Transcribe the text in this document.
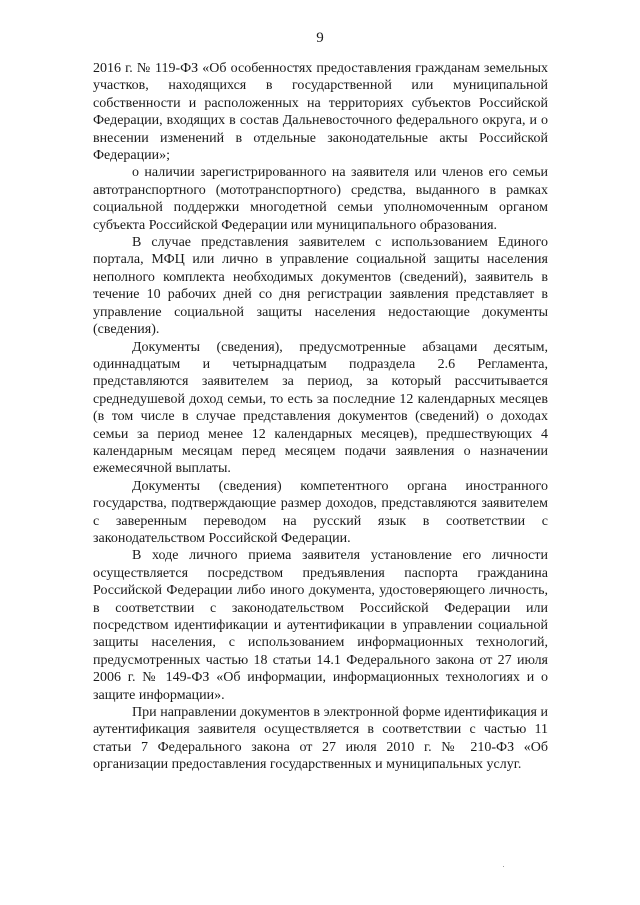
9

2016 г. № 119-ФЗ «Об особенностях предоставления гражданам земельных участков, находящихся в государственной или муниципальной собственности и расположенных на территориях субъектов Российской Федерации, входящих в состав Дальневосточного федерального округа, и о внесении изменений в отдельные законодательные акты Российской Федерации»;

о наличии зарегистрированного на заявителя или членов его семьи автотранспортного (мототранспортного) средства, выданного в рамках социальной поддержки многодетной семьи уполномоченным органом субъекта Российской Федерации или муниципального образования.

В случае представления заявителем с использованием Единого портала, МФЦ или лично в управление социальной защиты населения неполного комплекта необходимых документов (сведений), заявитель в течение 10 рабочих дней со дня регистрации заявления представляет в управление социальной защиты населения недостающие документы (сведения).

Документы (сведения), предусмотренные абзацами десятым, одиннадцатым и четырнадцатым подраздела 2.6 Регламента, представляются заявителем за период, за который рассчитывается среднедушевой доход семьи, то есть за последние 12 календарных месяцев (в том числе в случае представления документов (сведений) о доходах семьи за период менее 12 календарных месяцев), предшествующих 4 календарным месяцам перед месяцем подачи заявления о назначении ежемесячной выплаты.

Документы (сведения) компетентного органа иностранного государства, подтверждающие размер доходов, представляются заявителем с заверенным переводом на русский язык в соответствии с законодательством Российской Федерации.

В ходе личного приема заявителя установление его личности осуществляется посредством предъявления паспорта гражданина Российской Федерации либо иного документа, удостоверяющего личность, в соответствии с законодательством Российской Федерации или посредством идентификации и аутентификации в управлении социальной защиты населения, с использованием информационных технологий, предусмотренных частью 18 статьи 14.1 Федерального закона от 27 июля 2006 г. № 149-ФЗ «Об информации, информационных технологиях и о защите информации».

При направлении документов в электронной форме идентификация и аутентификация заявителя осуществляется в соответствии с частью 11 статьи 7 Федерального закона от 27 июля 2010 г. № 210-ФЗ «Об организации предоставления государственных и муниципальных услуг.
